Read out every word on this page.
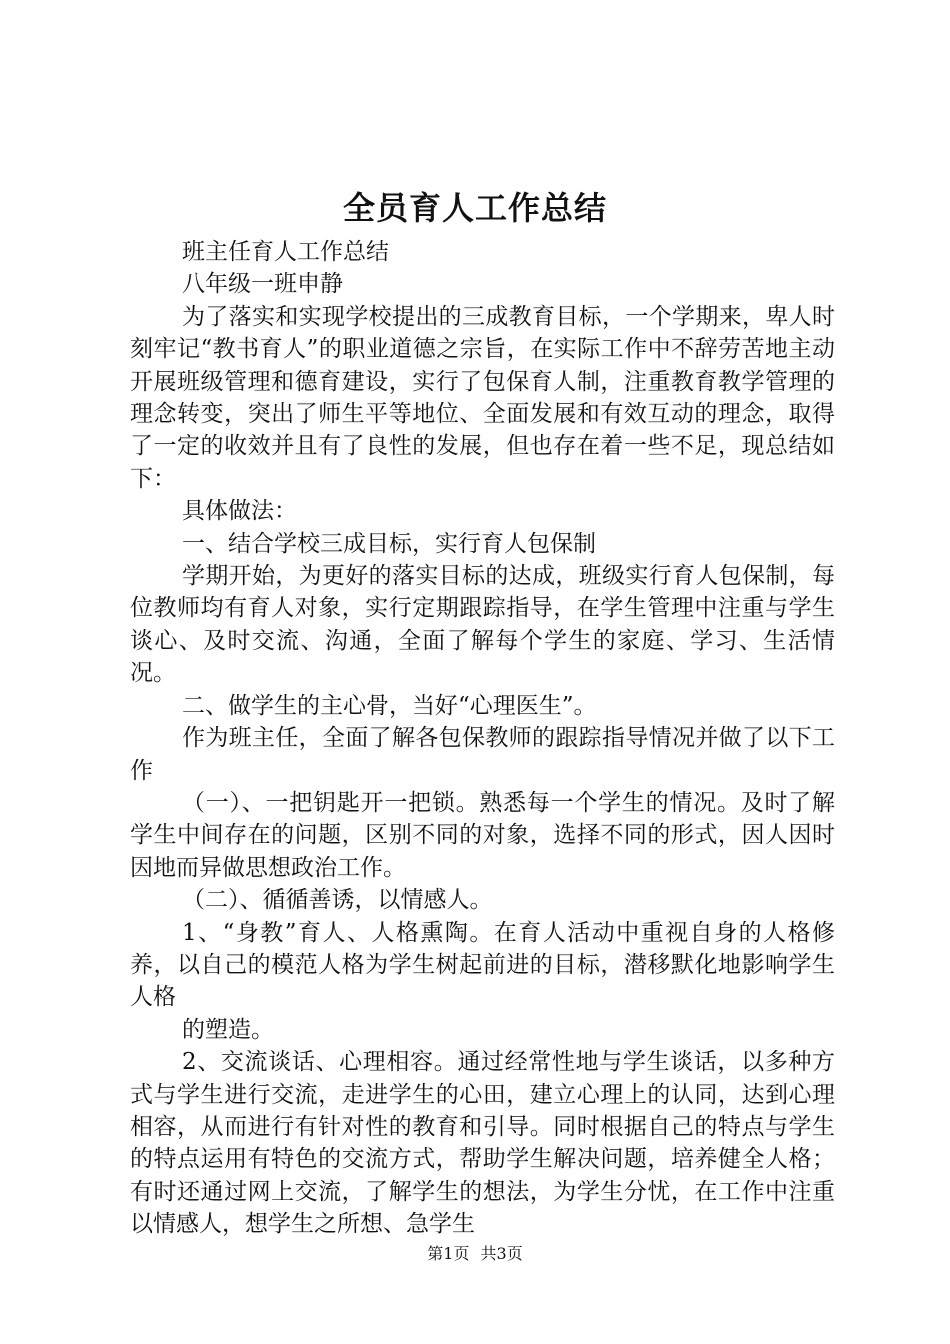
全员育人工作总结

班主任育人工作总结

八年级一班申静

为了落实和实现学校提出的三成教育目标，一个学期来，卑人时刻牢记“教书育人”的职业道德之宗旨，在实际工作中不辞劳苦地主动开展班级管理和德育建设，实行了包保育人制，注重教育教学管理的理念转变，突出了师生平等地位、全面发展和有效互动的理念，取得了一定的收效并且有了良性的发展，但也存在着一些不足，现总结如下：

具体做法：

一、结合学校三成目标，实行育人包保制

学期开始，为更好的落实目标的达成，班级实行育人包保制，每位教师均有育人对象，实行定期跟踪指导，在学生管理中注重与学生谈心、及时交流、沟通，全面了解每个学生的家庭、学习、生活情况。

二、做学生的主心骨，当好“心理医生”。

作为班主任，全面了解各包保教师的跟踪指导情况并做了以下工作

（一）、一把钥匙开一把锁。熟悉每一个学生的情况。及时了解学生中间存在的问题，区别不同的对象，选择不同的形式，因人因时因地而异做思想政治工作。

（二）、循循善诱，以情感人。

1、“身教”育人、人格熏陶。在育人活动中重视自身的人格修养，以自己的模范人格为学生树起前进的目标，潜移默化地影响学生人格

的塑造。

2、交流谈话、心理相容。通过经常性地与学生谈话，以多种方式与学生进行交流，走进学生的心田，建立心理上的认同，达到心理相容，从而进行有针对性的教育和引导。同时根据自己的特点与学生的特点运用有特色的交流方式，帮助学生解决问题，培养健全人格；有时还通过网上交流，了解学生的想法，为学生分忧，在工作中注重以情感人，想学生之所想、急学生

第1页 共3页
